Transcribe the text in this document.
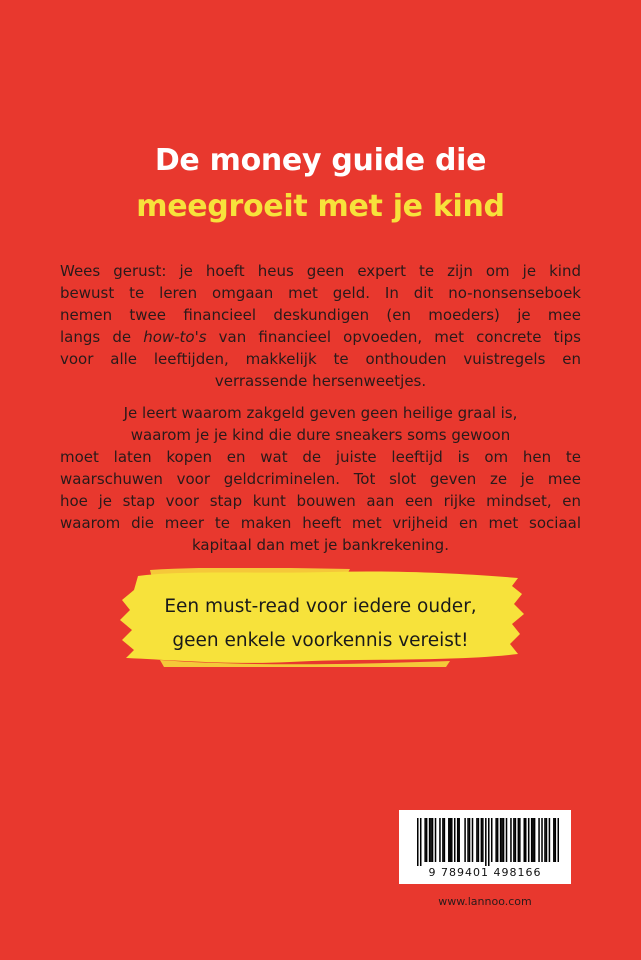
De money guide die
meegroeit met je kind
Wees gerust: je hoeft heus geen expert te zijn om je kind
bewust te leren omgaan met geld. In dit no-nonsenseboek
nemen twee financieel deskundigen (en moeders) je mee
langs de how-to's van financieel opvoeden, met concrete tips
voor alle leeftijden, makkelijk te onthouden vuistregels en
verrassende hersenweetjes.
Je leert waarom zakgeld geven geen heilige graal is,
waarom je je kind die dure sneakers soms gewoon
moet laten kopen en wat de juiste leeftijd is om hen te
waarschuwen voor geldcriminelen. Tot slot geven ze je mee
hoe je stap voor stap kunt bouwen aan een rijke mindset, en
waarom die meer te maken heeft met vrijheid en met sociaal
kapitaal dan met je bankrekening.
Een must-read voor iedere ouder,
geen enkele voorkennis vereist!
9 789401 498166
www.lannoo.com
